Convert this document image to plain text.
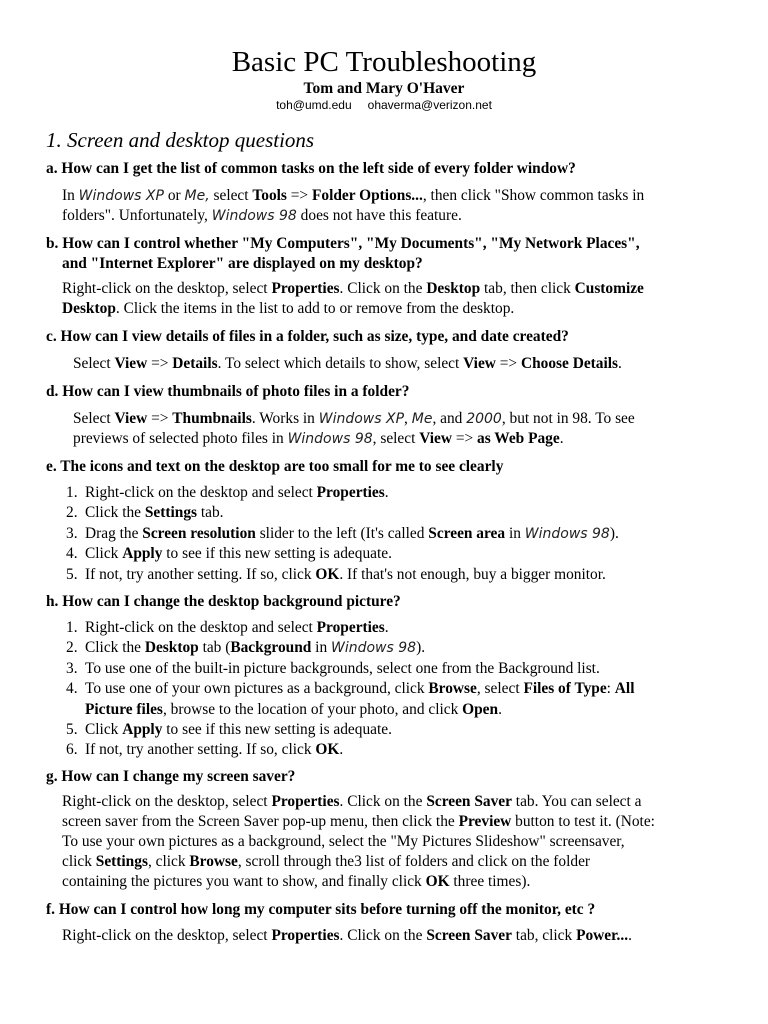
Basic PC Troubleshooting
Tom and Mary O'Haver
toh@umd.edu ohaverma@verizon.net
1. Screen and desktop questions
a. How can I get the list of common tasks on the left side of every folder window?
In Windows XP or Me, select Tools => Folder Options..., then click "Show common tasks in
folders". Unfortunately, Windows 98 does not have this feature.
b. How can I control whether "My Computers", "My Documents", "My Network Places",
and "Internet Explorer" are displayed on my desktop?
Right-click on the desktop, select Properties. Click on the Desktop tab, then click Customize
Desktop. Click the items in the list to add to or remove from the desktop.
c. How can I view details of files in a folder, such as size, type, and date created?
Select View => Details. To select which details to show, select View => Choose Details.
d. How can I view thumbnails of photo files in a folder?
Select View => Thumbnails. Works in Windows XP, Me, and 2000, but not in 98. To see
previews of selected photo files in Windows 98, select View => as Web Page.
e. The icons and text on the desktop are too small for me to see clearly
1. Right-click on the desktop and select Properties.
2. Click the Settings tab.
3. Drag the Screen resolution slider to the left (It's called Screen area in Windows 98).
4. Click Apply to see if this new setting is adequate.
5. If not, try another setting. If so, click OK. If that's not enough, buy a bigger monitor.
h. How can I change the desktop background picture?
1. Right-click on the desktop and select Properties.
2. Click the Desktop tab (Background in Windows 98).
3. To use one of the built-in picture backgrounds, select one from the Background list.
4. To use one of your own pictures as a background, click Browse, select Files of Type: All
Picture files, browse to the location of your photo, and click Open.
5. Click Apply to see if this new setting is adequate.
6. If not, try another setting. If so, click OK.
g. How can I change my screen saver?
Right-click on the desktop, select Properties. Click on the Screen Saver tab. You can select a
screen saver from the Screen Saver pop-up menu, then click the Preview button to test it. (Note:
To use your own pictures as a background, select the "My Pictures Slideshow" screensaver,
click Settings, click Browse, scroll through the3 list of folders and click on the folder
containing the pictures you want to show, and finally click OK three times).
f. How can I control how long my computer sits before turning off the monitor, etc ?
Right-click on the desktop, select Properties. Click on the Screen Saver tab, click Power....
